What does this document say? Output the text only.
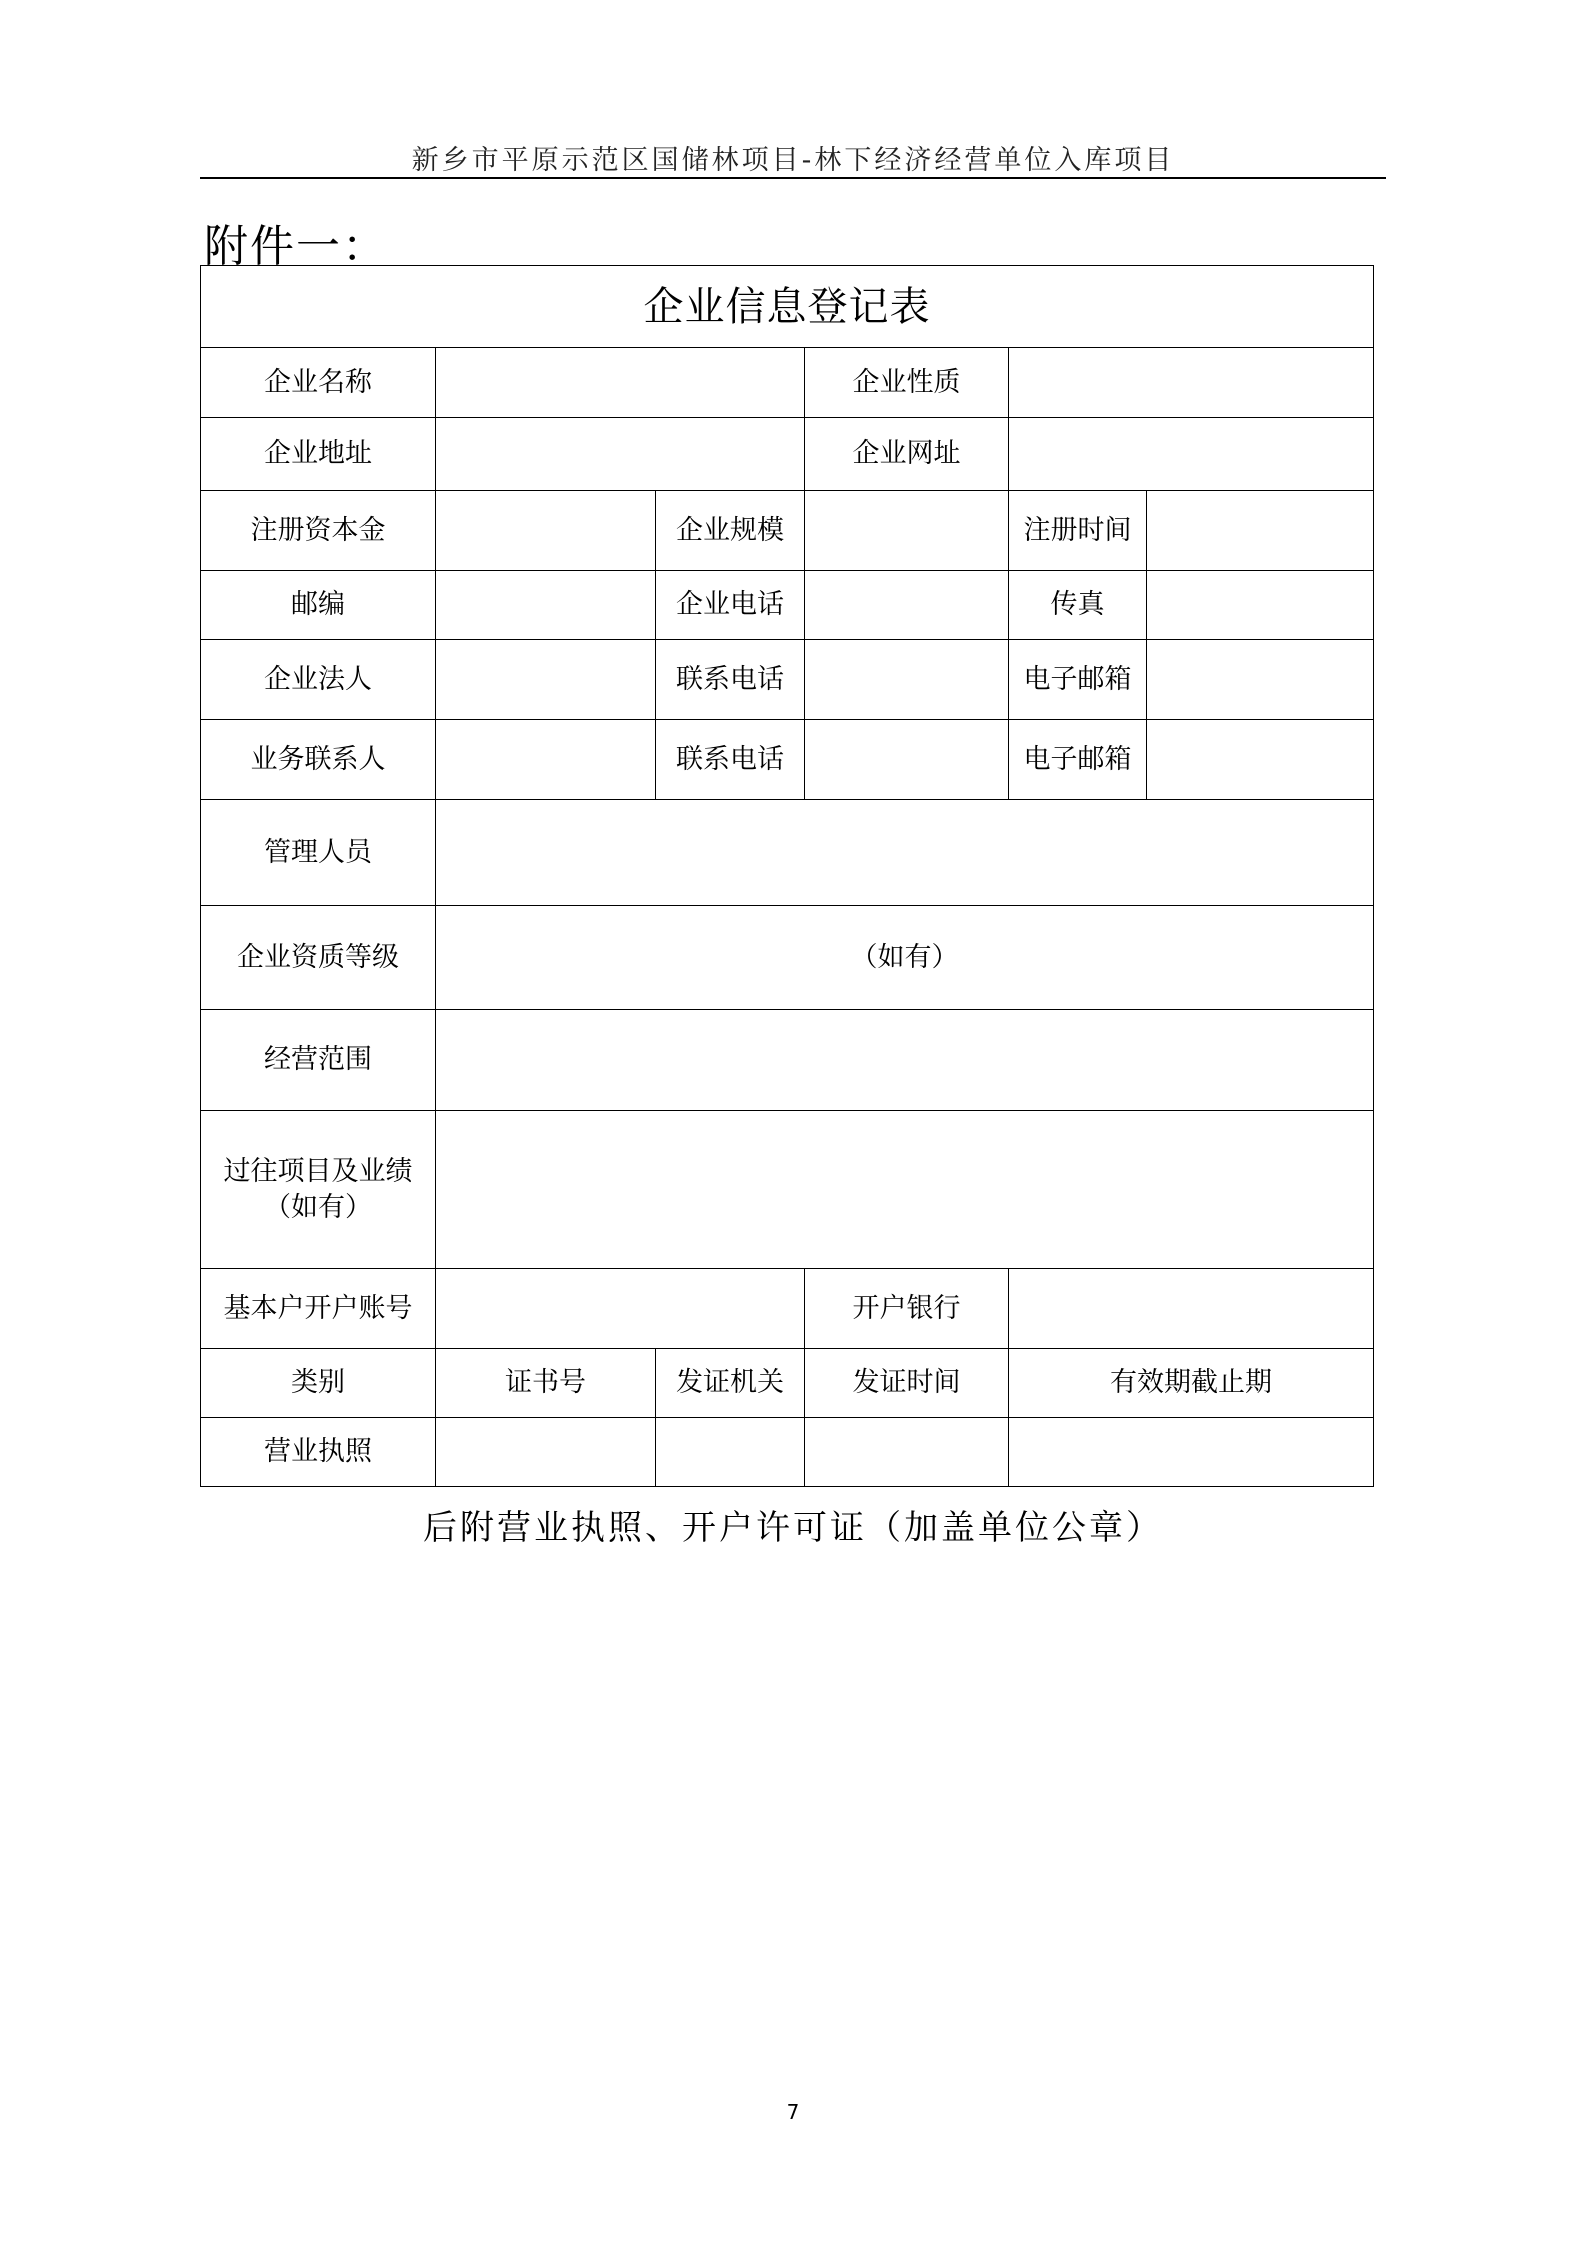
新乡市平原示范区国储林项目-林下经济经营单位入库项目
附件一：
企业信息登记表					
企业名称			企业性质		
企业地址			企业网址		
注册资本金		企业规模		注册时间	
邮编		企业电话		传真	
企业法人		联系电话		电子邮箱	
业务联系人		联系电话		电子邮箱	
管理人员					
企业资质等级	（如有）				
经营范围					

过往项目及业绩
（如有）					

基本户开户账号			开户银行		
类别	证书号	发证机关	发证时间	有效期截止期	
营业执照					
后附营业执照、开户许可证（加盖单位公章）
7
